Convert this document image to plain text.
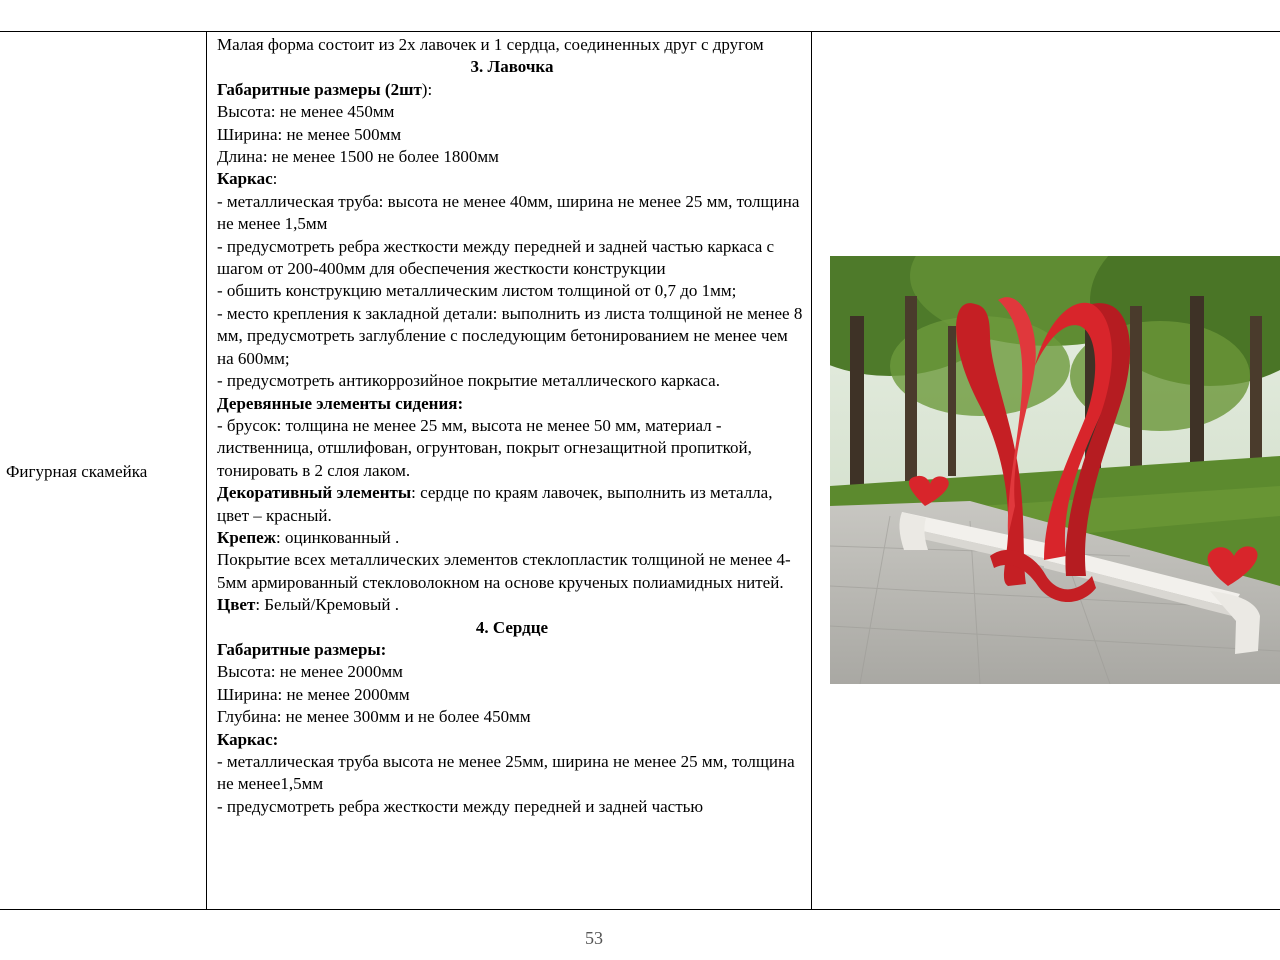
Фигурная скамейка

Малая форма состоит из 2х лавочек и 1 сердца, соединенных друг с другом

3. Лавочка

Габаритные размеры (2шт):

Высота: не менее 450мм

Ширина: не менее 500мм

Длина: не менее 1500 не более 1800мм

Каркас:

- металлическая труба: высота не менее 40мм, ширина не менее 25 мм, толщина не менее 1,5мм

- предусмотреть ребра жесткости между передней и задней частью каркаса с шагом от 200-400мм для обеспечения жесткости конструкции

- обшить конструкцию металлическим листом толщиной от 0,7 до 1мм;

- место крепления к закладной детали: выполнить из листа толщиной не менее 8 мм, предусмотреть заглубление с последующим бетонированием не менее чем на 600мм;

- предусмотреть антикоррозийное покрытие металлического каркаса.

Деревянные элементы сидения:

- брусок: толщина не менее 25 мм, высота не менее 50 мм, материал - лиственница, отшлифован, огрунтован, покрыт огнезащитной пропиткой, тонировать в 2 слоя лаком.

Декоративный элементы: сердце по краям лавочек, выполнить из металла, цвет – красный.

Крепеж: оцинкованный .

Покрытие всех металлических элементов стеклопластик толщиной не менее 4-5мм армированный стекловолокном на основе крученых полиамидных нитей.

Цвет: Белый/Кремовый .

4. Сердце

Габаритные размеры:

Высота: не менее 2000мм

Ширина: не менее 2000мм

Глубина: не менее 300мм и не более 450мм

Каркас:

- металлическая труба высота не менее 25мм, ширина не менее 25 мм, толщина не менее1,5мм

- предусмотреть ребра жесткости между передней и задней частью

53
